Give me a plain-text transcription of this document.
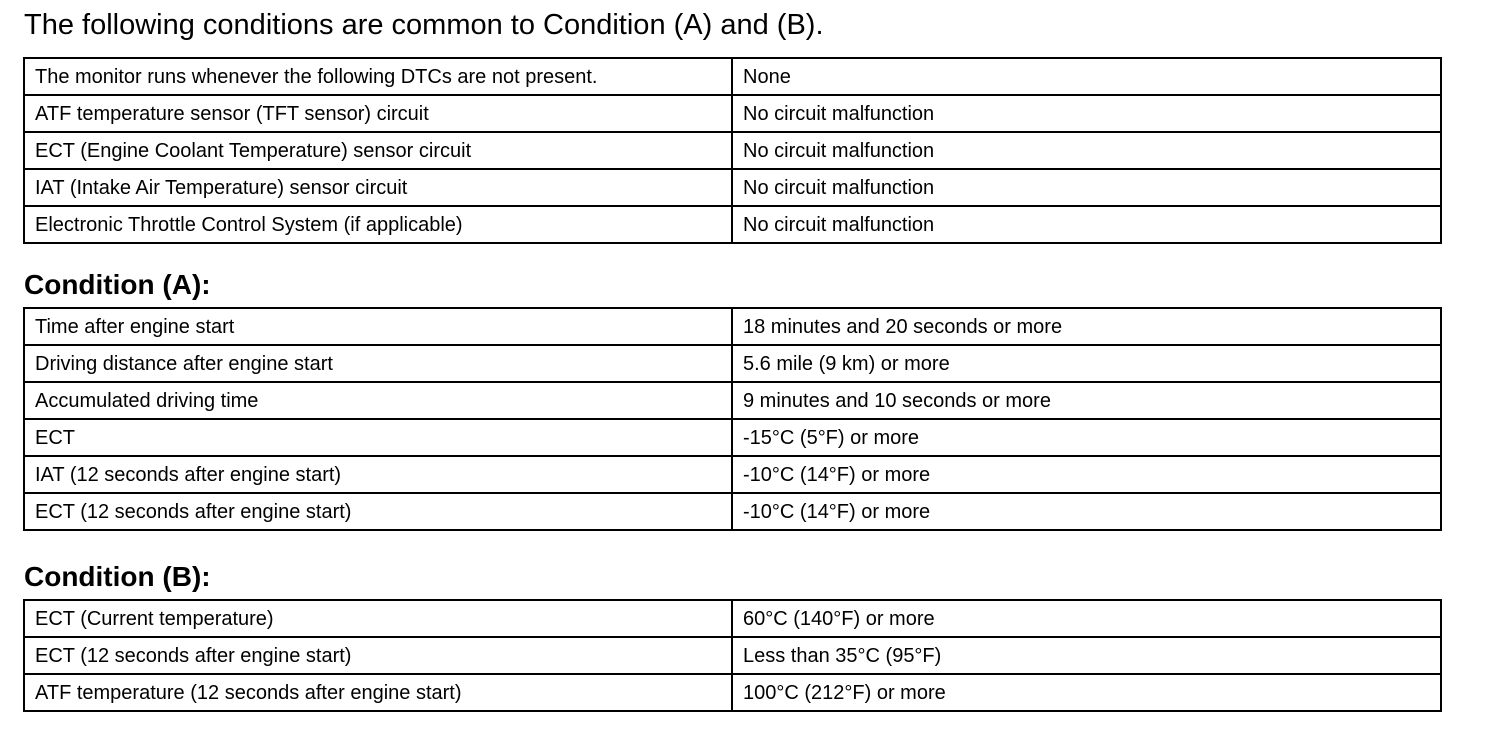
The following conditions are common to Condition (A) and (B).

The monitor runs whenever the following DTCs are not present.	None
ATF temperature sensor (TFT sensor) circuit	No circuit malfunction
ECT (Engine Coolant Temperature) sensor circuit	No circuit malfunction
IAT (Intake Air Temperature) sensor circuit	No circuit malfunction
Electronic Throttle Control System (if applicable)	No circuit malfunction
Condition (A):
Time after engine start	18 minutes and 20 seconds or more
Driving distance after engine start	5.6 mile (9 km) or more
Accumulated driving time	9 minutes and 10 seconds or more
ECT	-15°C (5°F) or more
IAT (12 seconds after engine start)	-10°C (14°F) or more
ECT (12 seconds after engine start)	-10°C (14°F) or more
Condition (B):
ECT (Current temperature)	60°C (140°F) or more
ECT (12 seconds after engine start)	Less than 35°C (95°F)
ATF temperature (12 seconds after engine start)	100°C (212°F) or more
